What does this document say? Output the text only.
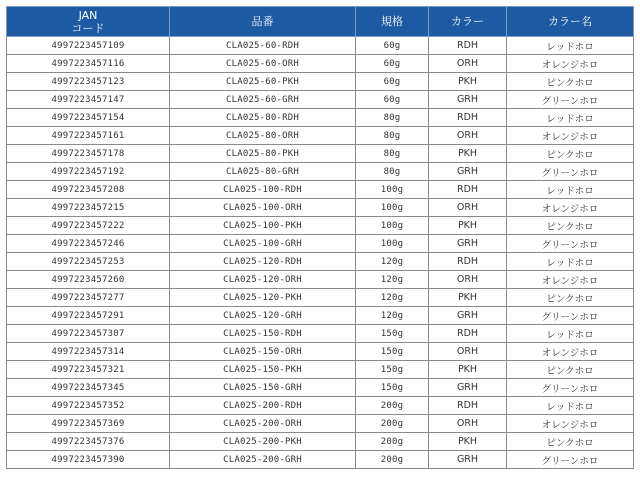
JAN
コード	品番	規格	カラー	カラー名
4997223457109	CLA025-60-RDH	60g	RDH	レッドホロ
4997223457116	CLA025-60-ORH	60g	ORH	オレンジホロ
4997223457123	CLA025-60-PKH	60g	PKH	ピンクホロ
4997223457147	CLA025-60-GRH	60g	GRH	グリーンホロ
4997223457154	CLA025-80-RDH	80g	RDH	レッドホロ
4997223457161	CLA025-80-ORH	80g	ORH	オレンジホロ
4997223457178	CLA025-80-PKH	80g	PKH	ピンクホロ
4997223457192	CLA025-80-GRH	80g	GRH	グリーンホロ
4997223457208	CLA025-100-RDH	100g	RDH	レッドホロ
4997223457215	CLA025-100-ORH	100g	ORH	オレンジホロ
4997223457222	CLA025-100-PKH	100g	PKH	ピンクホロ
4997223457246	CLA025-100-GRH	100g	GRH	グリーンホロ
4997223457253	CLA025-120-RDH	120g	RDH	レッドホロ
4997223457260	CLA025-120-ORH	120g	ORH	オレンジホロ
4997223457277	CLA025-120-PKH	120g	PKH	ピンクホロ
4997223457291	CLA025-120-GRH	120g	GRH	グリーンホロ
4997223457307	CLA025-150-RDH	150g	RDH	レッドホロ
4997223457314	CLA025-150-ORH	150g	ORH	オレンジホロ
4997223457321	CLA025-150-PKH	150g	PKH	ピンクホロ
4997223457345	CLA025-150-GRH	150g	GRH	グリーンホロ
4997223457352	CLA025-200-RDH	200g	RDH	レッドホロ
4997223457369	CLA025-200-ORH	200g	ORH	オレンジホロ
4997223457376	CLA025-200-PKH	200g	PKH	ピンクホロ
4997223457390	CLA025-200-GRH	200g	GRH	グリーンホロ
